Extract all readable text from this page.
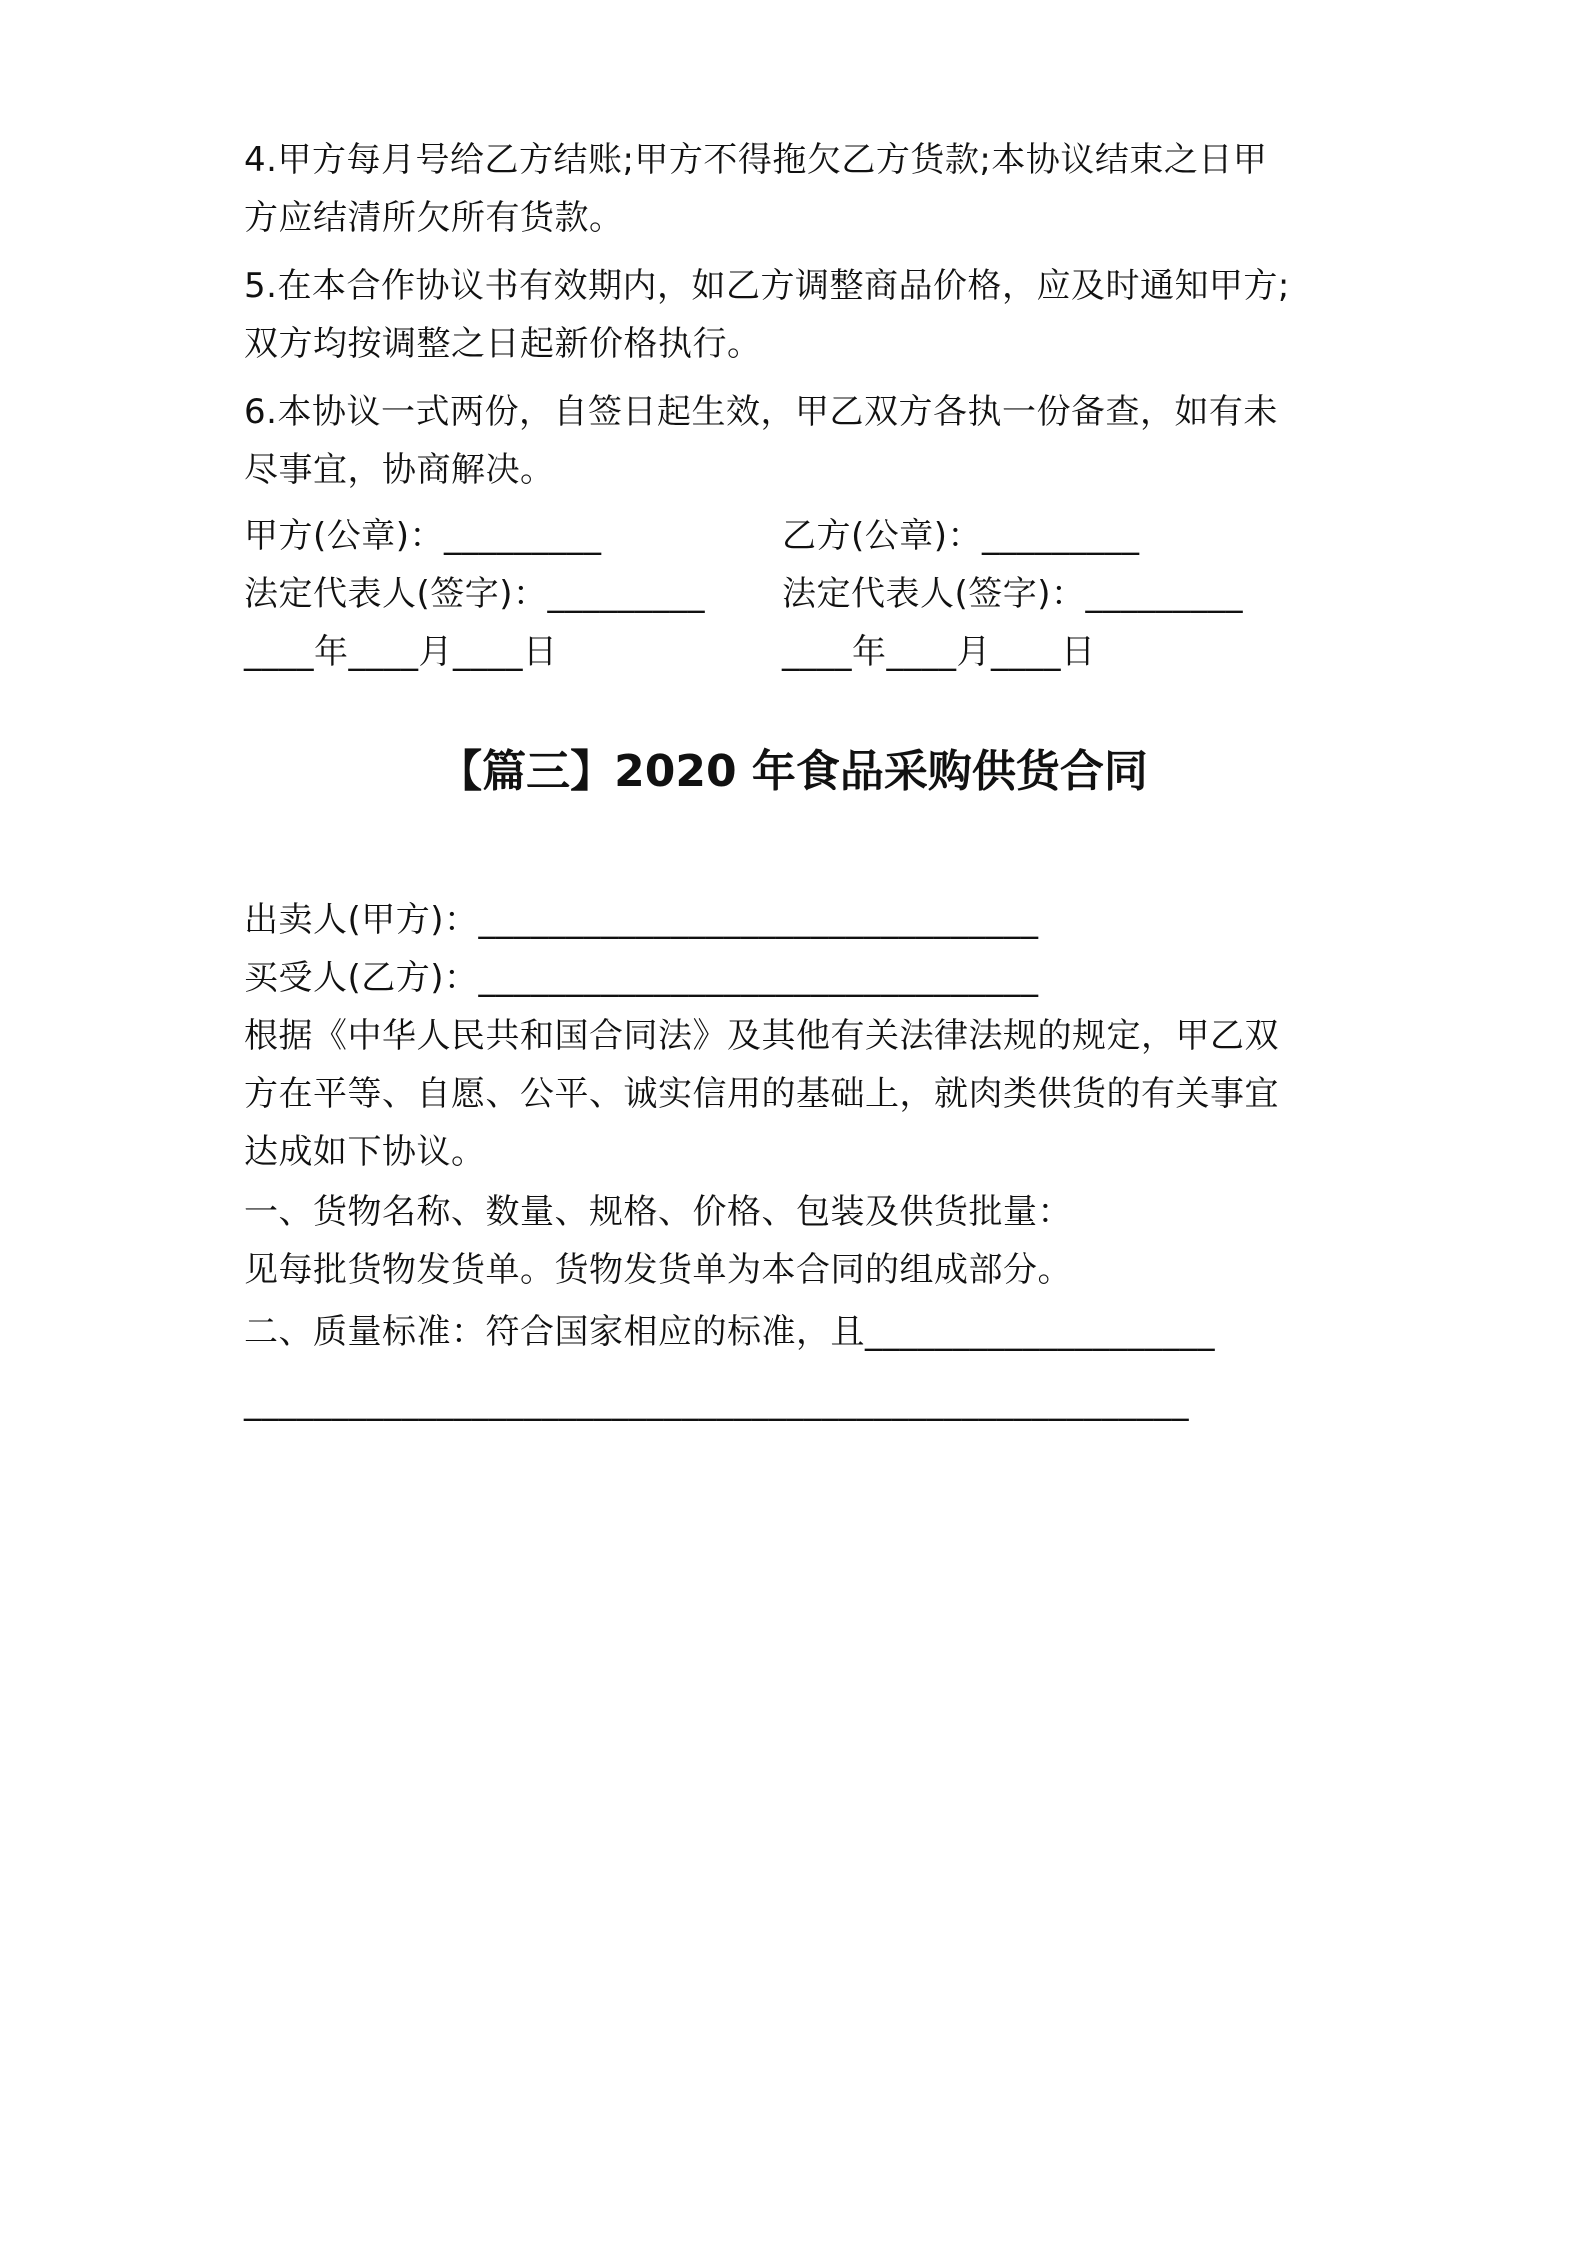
4.甲方每月号给乙方结账;甲方不得拖欠乙方货款;本协议结束之日甲
方应结清所欠所有货款。
5.在本合作协议书有效期内，如乙方调整商品价格，应及时通知甲方;
双方均按调整之日起新价格执行。
6.本协议一式两份，自签日起生效，甲乙双方各执一份备查，如有未
尽事宜，协商解决。
甲方(公章)：_________	乙方(公章)：_________
法定代表人(签字)：_________ 法定代表人(签字)：_________
____年____月____日	____年____月____日
【篇三】2020 年食品采购供货合同
出卖人(甲方)：________________________________
买受人(乙方)：________________________________
根据《中华人民共和国合同法》及其他有关法律法规的规定，甲乙双
方在平等、自愿、公平、诚实信用的基础上，就肉类供货的有关事宜
达成如下协议。
一、货物名称、数量、规格、价格、包装及供货批量：
见每批货物发货单。货物发货单为本合同的组成部分。
二、质量标准：符合国家相应的标准，且____________________
______________________________________________________
